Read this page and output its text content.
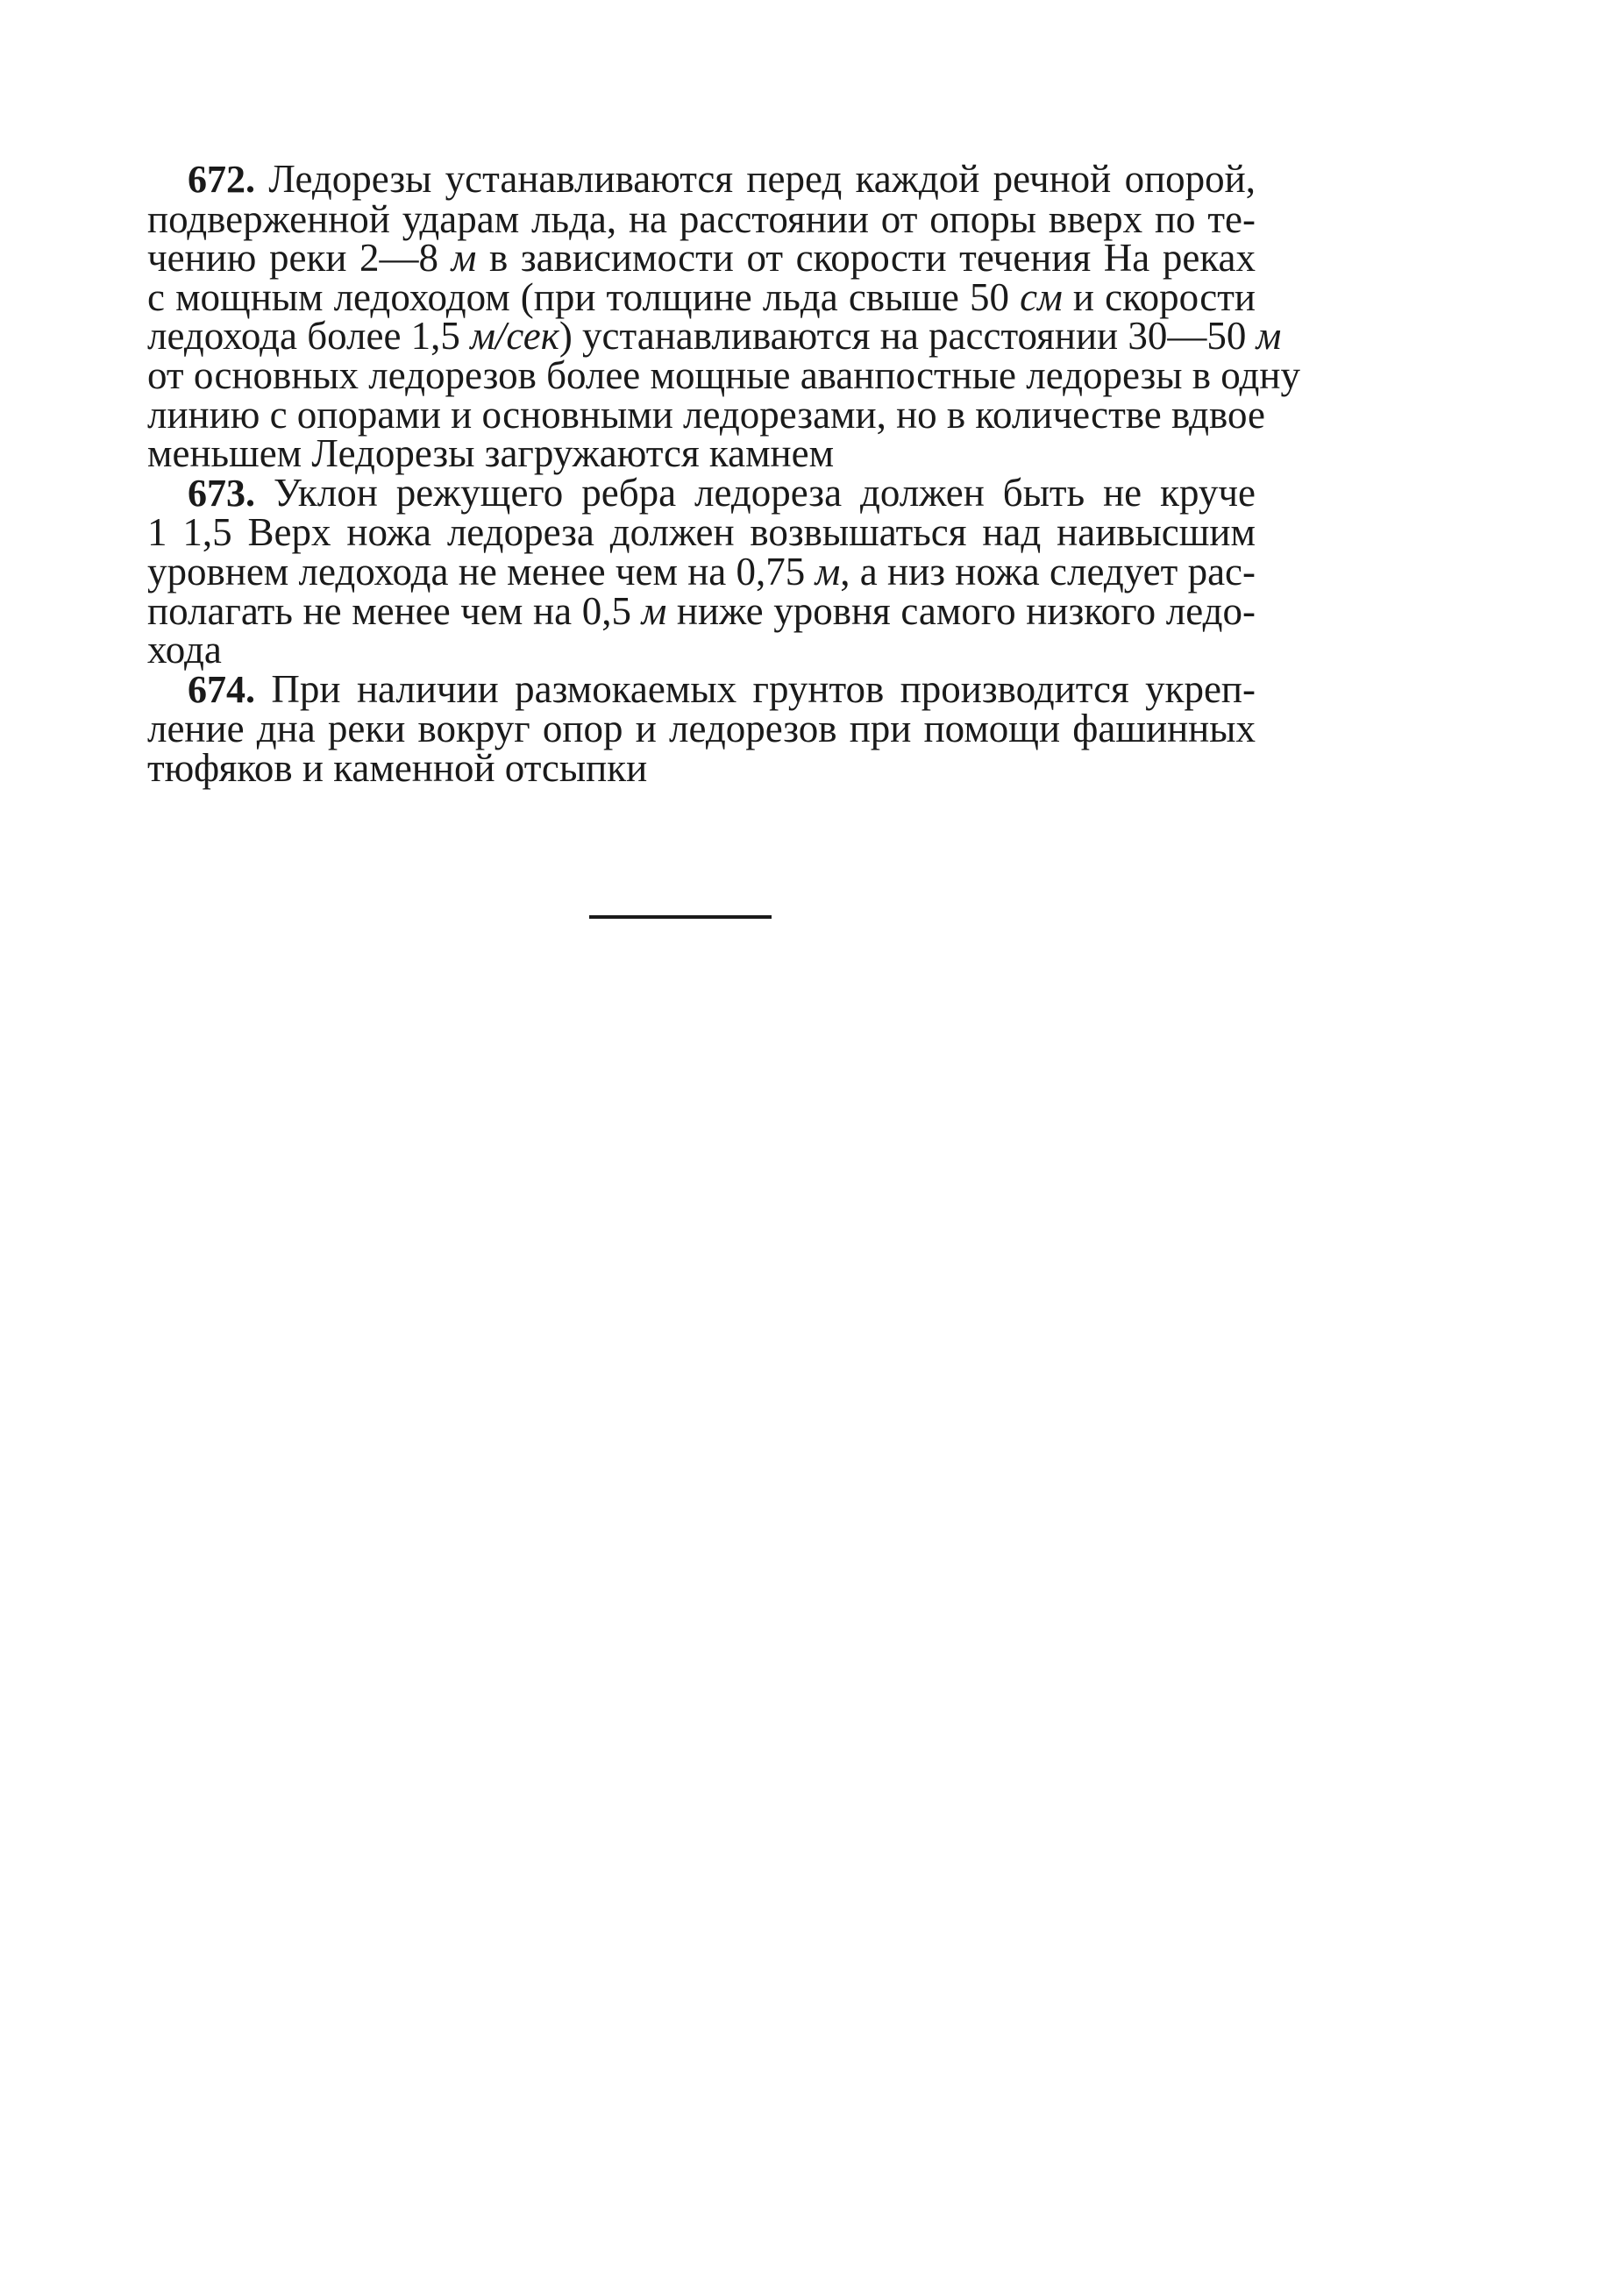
672. Ледорезы устанавливаются перед каждой речной опорой,
подверженной ударам льда, на расстоянии от опоры вверх по те-
чению реки 2—8 м в зависимости от скорости течения На реках
с мощным ледоходом (при толщине льда свыше 50 см и скорости
ледохода более 1,5 м/сек) устанавливаются на расстоянии 30—50 м
от основных ледорезов более мощные аванпостные ледорезы в одну
линию с опорами и основными ледорезами, но в количестве вдвое
меньшем Ледорезы загружаются камнем
673. Уклон режущего ребра ледореза должен быть не круче
1 1,5 Верх ножа ледореза должен возвышаться над наивысшим
уровнем ледохода не менее чем на 0,75 м, а низ ножа следует рас-
полагать не менее чем на 0,5 м ниже уровня самого низкого ледо-
хода
674. При наличии размокаемых грунтов производится укреп-
ление дна реки вокруг опор и ледорезов при помощи фашинных
тюфяков и каменной отсыпки
